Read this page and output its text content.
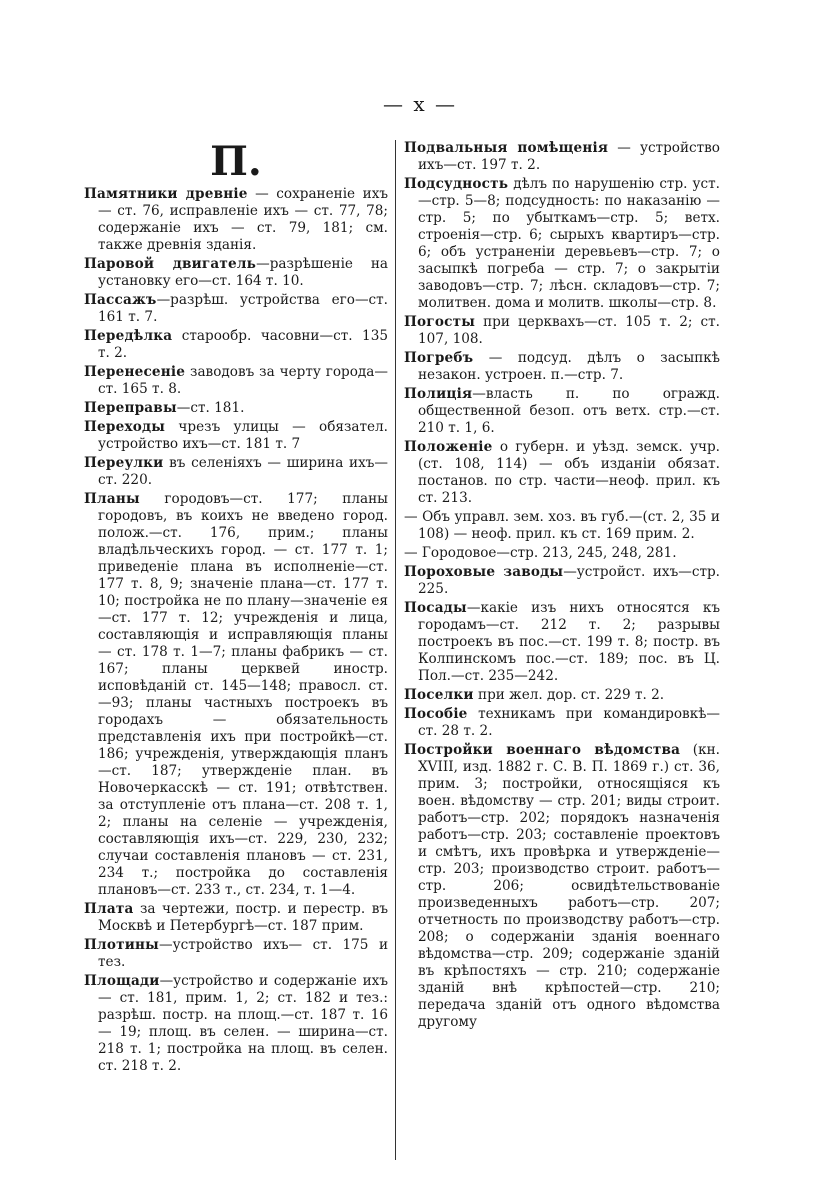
— x —
П.

Памятники древніе — сохраненіе ихъ — ст. 76, исправленіе ихъ — ст. 77, 78; содержаніе ихъ — ст. 79, 181; см. также древнія зданія.

Паровой двигатель—разрѣшеніе на установку его—ст. 164 т. 10.

Пассажъ—разрѣш. устройства его—ст. 161 т. 7.

Передѣлка старообр. часовни—ст. 135 т. 2.

Перенесеніе заводовъ за черту города— ст. 165 т. 8.

Переправы—ст. 181.

Переходы чрезъ улицы — обязател. устройство ихъ—ст. 181 т. 7

Переулки въ селеніяхъ — ширина ихъ—ст. 220.

Планы городовъ—ст. 177; планы городовъ, въ коихъ не введено город. полож.—ст. 176, прим.; планы владѣльческихъ город. — ст. 177 т. 1; приведеніе плана въ исполненіе—ст. 177 т. 8, 9; значеніе плана—ст. 177 т. 10; постройка не по плану—значеніе ея—ст. 177 т. 12; учрежденія и лица, составляющія и исправляющія планы — ст. 178 т. 1—7; планы фабрикъ — ст. 167; планы церквей иностр. исповѣданій ст. 145—148; правосл. ст.—93; планы частныхъ построекъ въ городахъ — обязательность представленія ихъ при постройкѣ—ст. 186; учрежденія, утверждающія планъ—ст. 187; утвержденіе план. въ Новочеркасскѣ — ст. 191; отвѣтствен. за отступленіе отъ плана—ст. 208 т. 1, 2; планы на селеніе — учрежденія, составляющія ихъ—ст. 229, 230, 232; случаи составленія плановъ — ст. 231, 234 т.; постройка до составленія плановъ—ст. 233 т., ст. 234, т. 1—4.

Плата за чертежи, постр. и перестр. въ Москвѣ и Петербургѣ—ст. 187 прим.

Плотины—устройство ихъ— ст. 175 и тез.

Площади—устройство и содержаніе ихъ — ст. 181, прим. 1, 2; ст. 182 и тез.: разрѣш. постр. на площ.—ст. 187 т. 16 — 19; площ. въ селен. — ширина—ст. 218 т. 1; постройка на площ. въ селен. ст. 218 т. 2.

Подвальныя помѣщенія — устройство ихъ—ст. 197 т. 2.

Подсудность дѣлъ по нарушенію стр. уст.—стр. 5—8; подсудность: по наказанію — стр. 5; по убыткамъ—стр. 5; ветх. строенія—стр. 6; сырыхъ квартиръ—стр. 6; объ устраненіи деревьевъ—стр. 7; о засыпкѣ погреба — стр. 7; о закрытіи заводовъ—стр. 7; лѣсн. складовъ—стр. 7; молитвен. дома и молитв. школы—стр. 8.

Погосты при церквахъ—ст. 105 т. 2; ст. 107, 108.

Погребъ — подсуд. дѣлъ о засыпкѣ незакон. устроен. п.—стр. 7.

Полиція—власть п. по огражд. общественной безоп. отъ ветх. стр.—ст. 210 т. 1, 6.

Положеніе о губерн. и уѣзд. земск. учр. (ст. 108, 114) — объ изданіи обязат. постанов. по стр. части—неоф. прил. къ ст. 213.

— Объ управл. зем. хоз. въ губ.—(ст. 2, 35 и 108) — неоф. прил. къ ст. 169 прим. 2.

— Городовое—стр. 213, 245, 248, 281.

Пороховые заводы—устройст. ихъ—стр. 225.

Посады—какіе изъ нихъ относятся къ городамъ—ст. 212 т. 2; разрывы построекъ въ пос.—ст. 199 т. 8; постр. въ Колпинскомъ пос.—ст. 189; пос. въ Ц. Пол.—ст. 235—242.

Поселки при жел. дор. ст. 229 т. 2.

Пособіе техникамъ при командировкѣ—ст. 28 т. 2.

Постройки военнаго вѣдомства (кн. XVIII, изд. 1882 г. С. В. П. 1869 г.) ст. 36, прим. 3; постройки, относящіяся къ воен. вѣдомству — стр. 201; виды строит. работъ—стр. 202; порядокъ назначенія работъ—стр. 203; составленіе проектовъ и смѣтъ, ихъ провѣрка и утвержденіе—стр. 203; производство строит. работъ—стр. 206; освидѣтельствованіе произведенныхъ работъ—стр. 207; отчетность по производству работъ—стр. 208; о содержаніи зданія военнаго вѣдомства—стр. 209; содержаніе зданій въ крѣпостяхъ — стр. 210; содержаніе зданій внѣ крѣпостей—стр. 210; передача зданій отъ одного вѣдомства другому
